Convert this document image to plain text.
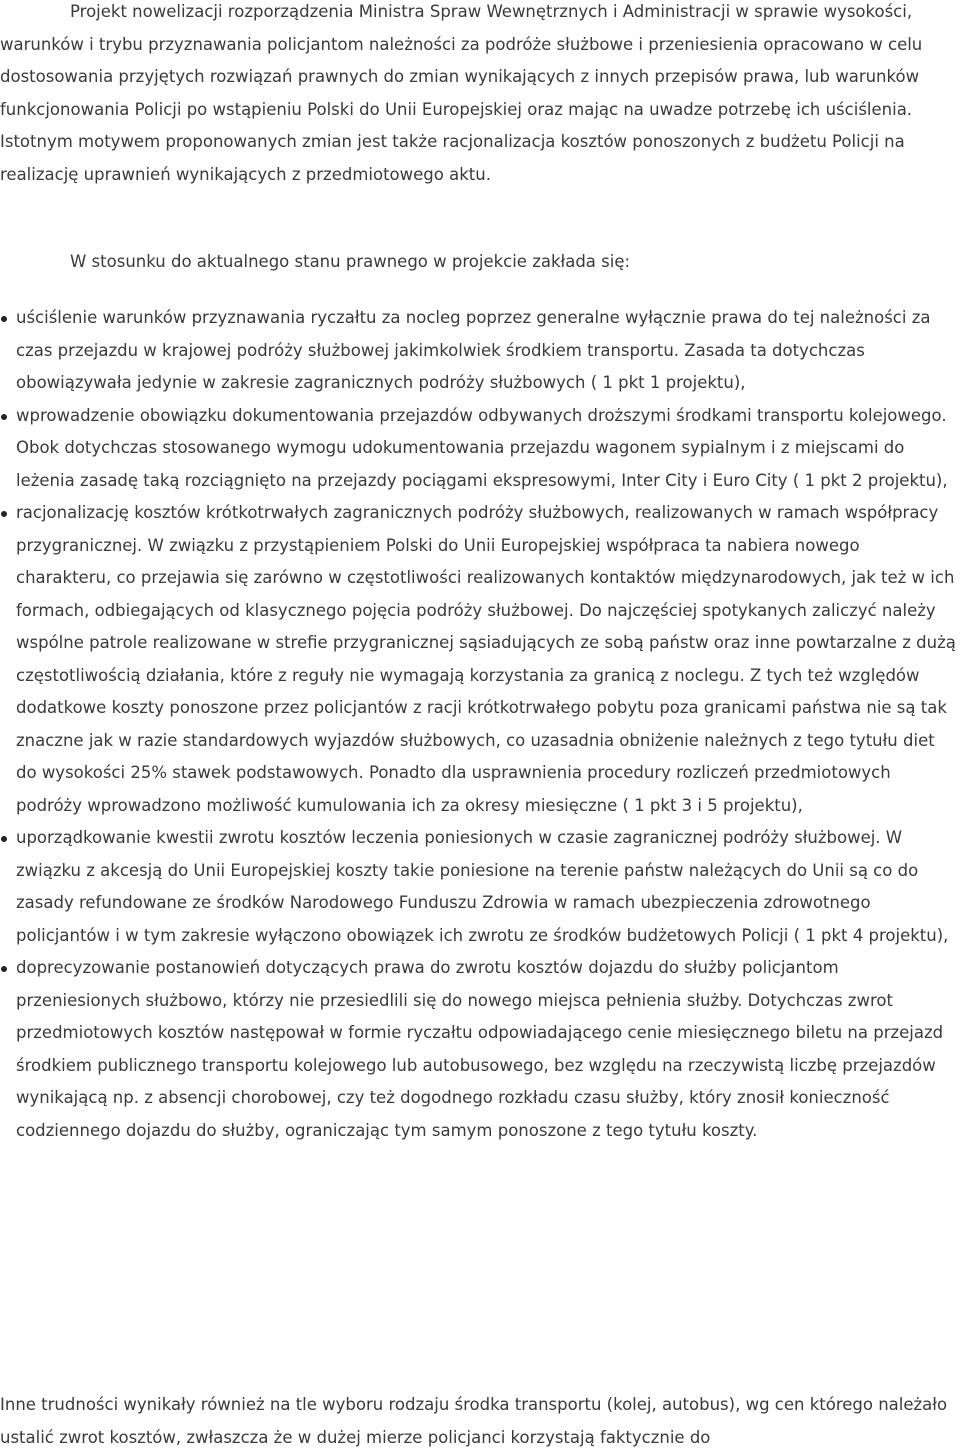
Projekt nowelizacji rozporządzenia Ministra Spraw Wewnętrznych i Administracji w sprawie wysokości, warunków i trybu przyznawania policjantom należności za podróże służbowe i przeniesienia opracowano w celu dostosowania przyjętych rozwiązań prawnych do zmian wynikających z innych przepisów prawa, lub warunków funkcjonowania Policji po wstąpieniu Polski do Unii Europejskiej oraz mając na uwadze potrzebę ich uściślenia. Istotnym motywem proponowanych zmian jest także racjonalizacja kosztów ponoszonych z budżetu Policji na realizację uprawnień wynikających z przedmiotowego aktu.

W stosunku do aktualnego stanu prawnego w projekcie zakłada się:

uściślenie warunków przyznawania ryczałtu za nocleg poprzez generalne wyłącznie prawa do tej należności za czas przejazdu w krajowej podróży służbowej jakimkolwiek środkiem transportu. Zasada ta dotychczas obowiązywała jedynie w zakresie zagranicznych podróży służbowych ( 1 pkt 1 projektu),
wprowadzenie obowiązku dokumentowania przejazdów odbywanych droższymi środkami transportu kolejowego. Obok dotychczas stosowanego wymogu udokumentowania przejazdu wagonem sypialnym i z miejscami do leżenia zasadę taką rozciągnięto na przejazdy pociągami ekspresowymi, Inter City i Euro City ( 1 pkt 2 projektu),
racjonalizację kosztów krótkotrwałych zagranicznych podróży służbowych, realizowanych w ramach współpracy przygranicznej. W związku z przystąpieniem Polski do Unii Europejskiej współpraca ta nabiera nowego charakteru, co przejawia się zarówno w częstotliwości realizowanych kontaktów międzynarodowych, jak też w ich formach, odbiegających od klasycznego pojęcia podróży służbowej. Do najczęściej spotykanych zaliczyć należy wspólne patrole realizowane w strefie przygranicznej sąsiadujących ze sobą państw oraz inne powtarzalne z dużą częstotliwością działania, które z reguły nie wymagają korzystania za granicą z noclegu. Z tych też względów dodatkowe koszty ponoszone przez policjantów z racji krótkotrwałego pobytu poza granicami państwa nie są tak znaczne jak w razie standardowych wyjazdów służbowych, co uzasadnia obniżenie należnych z tego tytułu diet do wysokości 25% stawek podstawowych. Ponadto dla usprawnienia procedury rozliczeń przedmiotowych podróży wprowadzono możliwość kumulowania ich za okresy miesięczne ( 1 pkt 3 i 5 projektu),
uporządkowanie kwestii zwrotu kosztów leczenia poniesionych w czasie zagranicznej podróży służbowej. W związku z akcesją do Unii Europejskiej koszty takie poniesione na terenie państw należących do Unii są co do zasady refundowane ze środków Narodowego Funduszu Zdrowia w ramach ubezpieczenia zdrowotnego policjantów i w tym zakresie wyłączono obowiązek ich zwrotu ze środków budżetowych Policji ( 1 pkt 4 projektu),
doprecyzowanie postanowień dotyczących prawa do zwrotu kosztów dojazdu do służby policjantom przeniesionych służbowo, którzy nie przesiedlili się do nowego miejsca pełnienia służby. Dotychczas zwrot przedmiotowych kosztów następował w formie ryczałtu odpowiadającego cenie miesięcznego biletu na przejazd środkiem publicznego transportu kolejowego lub autobusowego, bez względu na rzeczywistą liczbę przejazdów wynikającą np. z absencji chorobowej, czy też dogodnego rozkładu czasu służby, który znosił konieczność codziennego dojazdu do służby, ograniczając tym samym ponoszone z tego tytułu koszty.

Inne trudności wynikały również na tle wyboru rodzaju środka transportu (kolej, autobus), wg cen którego należało ustalić zwrot kosztów, zwłaszcza że w dużej mierze policjanci korzystają faktycznie do
